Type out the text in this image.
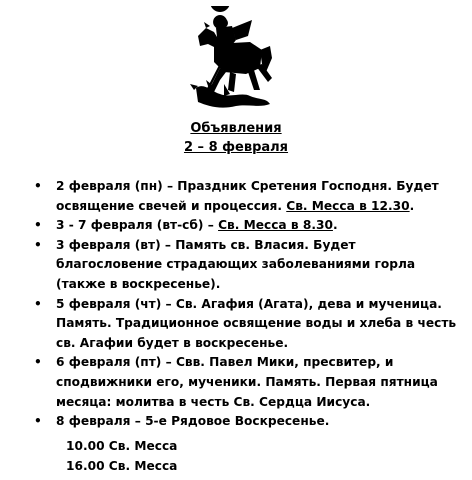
Объявления
2 – 8 февраля
• 2 февраля (пн) – Праздник Сретения Господня. Будет освящение свечей и процессия. Св. Месса в 12.30.
• 3 - 7 февраля (вт-сб) – Св. Месса в 8.30.
• 3 февраля (вт) – Память св. Власия. Будет благословение страдающих заболеваниями горла (также в воскресенье).
• 5 февраля (чт) – Св. Агафия (Агата), дева и мученица. Память. Традиционное освящение воды и хлеба в честь св. Агафии будет в воскресенье.
• 6 февраля (пт) – Свв. Павел Мики, пресвитер, и сподвижники его, мученики. Память. Первая пятница месяца: молитва в честь Св. Сердца Иисуса.
• 8 февраля – 5-е Рядовое Воскресенье.
10.00 Св. Месса
16.00 Св. Месса
